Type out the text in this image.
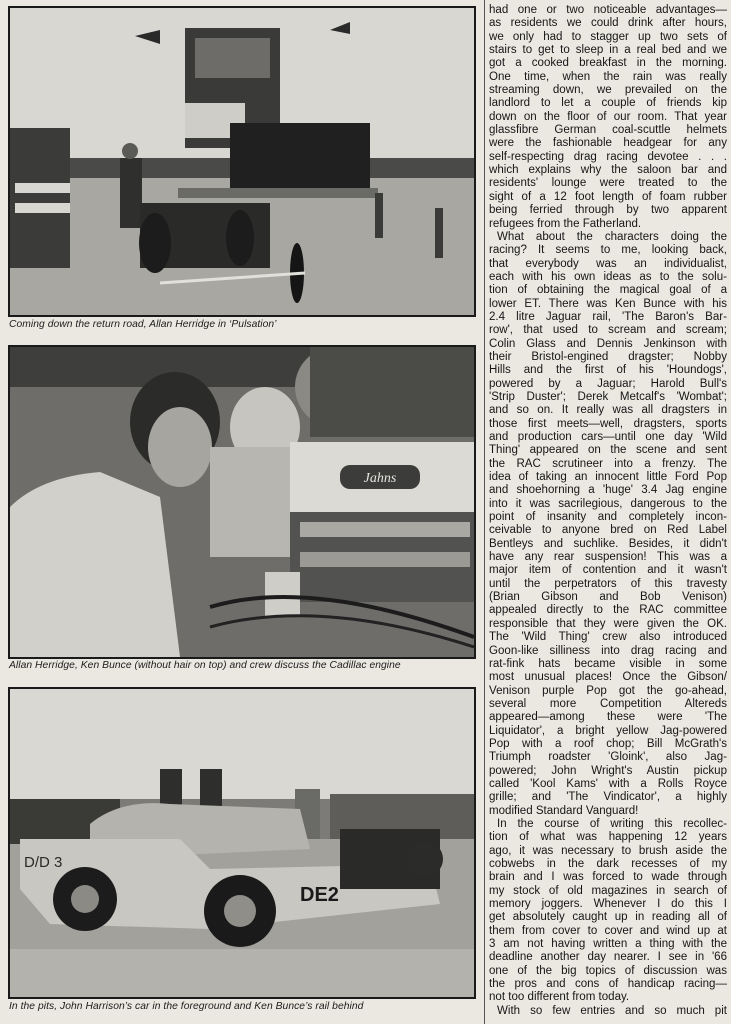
Coming down the return road, Allan Herridge in ‘Pulsation’
Jahns
Allan Herridge, Ken Bunce (without hair on top) and crew discuss the Cadillac engine
D/D 3
DE2
In the pits, John Harrison’s car in the foreground and Ken Bunce’s rail behind

had one or two noticeable advantages—
as residents we could drink after hours,
we only had to stagger up two sets of
stairs to get to sleep in a real bed and we
got a cooked breakfast in the morning.
One time, when the rain was really
streaming down, we prevailed on the
landlord to let a couple of friends kip
down on the floor of our room. That year
glassfibre German coal-scuttle helmets
were the fashionable headgear for any
self-respecting drag racing devotee . . .
which explains why the saloon bar and
residents' lounge were treated to the
sight of a 12 foot length of foam rubber
being ferried through by two apparent
refugees from the Fatherland.

What about the characters doing the
racing? It seems to me, looking back,
that everybody was an individualist,
each with his own ideas as to the solu-
tion of obtaining the magical goal of a
lower ET. There was Ken Bunce with his
2.4 litre Jaguar rail, 'The Baron's Bar-
row', that used to scream and scream;
Colin Glass and Dennis Jenkinson with
their Bristol-engined dragster; Nobby
Hills and the first of his 'Houndogs',
powered by a Jaguar; Harold Bull's
'Strip Duster'; Derek Metcalf's 'Wombat';
and so on. It really was all dragsters in
those first meets—well, dragsters, sports
and production cars—until one day 'Wild
Thing' appeared on the scene and sent
the RAC scrutineer into a frenzy. The
idea of taking an innocent little Ford Pop
and shoehorning a 'huge' 3.4 Jag engine
into it was sacrilegious, dangerous to the
point of insanity and completely incon-
ceivable to anyone bred on Red Label
Bentleys and suchlike. Besides, it didn't
have any rear suspension! This was a
major item of contention and it wasn't
until the perpetrators of this travesty
(Brian Gibson and Bob Venison)
appealed directly to the RAC committee
responsible that they were given the OK.
The 'Wild Thing' crew also introduced
Goon-like silliness into drag racing and
rat-fink hats became visible in some
most unusual places! Once the Gibson/
Venison purple Pop got the go-ahead,
several more Competition Altereds
appeared—among these were 'The
Liquidator', a bright yellow Jag-powered
Pop with a roof chop; Bill McGrath's
Triumph roadster 'Gloink', also Jag-
powered; John Wright's Austin pickup
called 'Kool Kams' with a Rolls Royce
grille; and 'The Vindicator', a highly
modified Standard Vanguard!

In the course of writing this recollec-
tion of what was happening 12 years
ago, it was necessary to brush aside the
cobwebs in the dark recesses of my
brain and I was forced to wade through
my stock of old magazines in search of
memory joggers. Whenever I do this I
get absolutely caught up in reading all of
them from cover to cover and wind up at
3 am not having written a thing with the
deadline another day nearer. I see in '66
one of the big topics of discussion was
the pros and cons of handicap racing—
not too different from today.

With so few entries and so much pit
